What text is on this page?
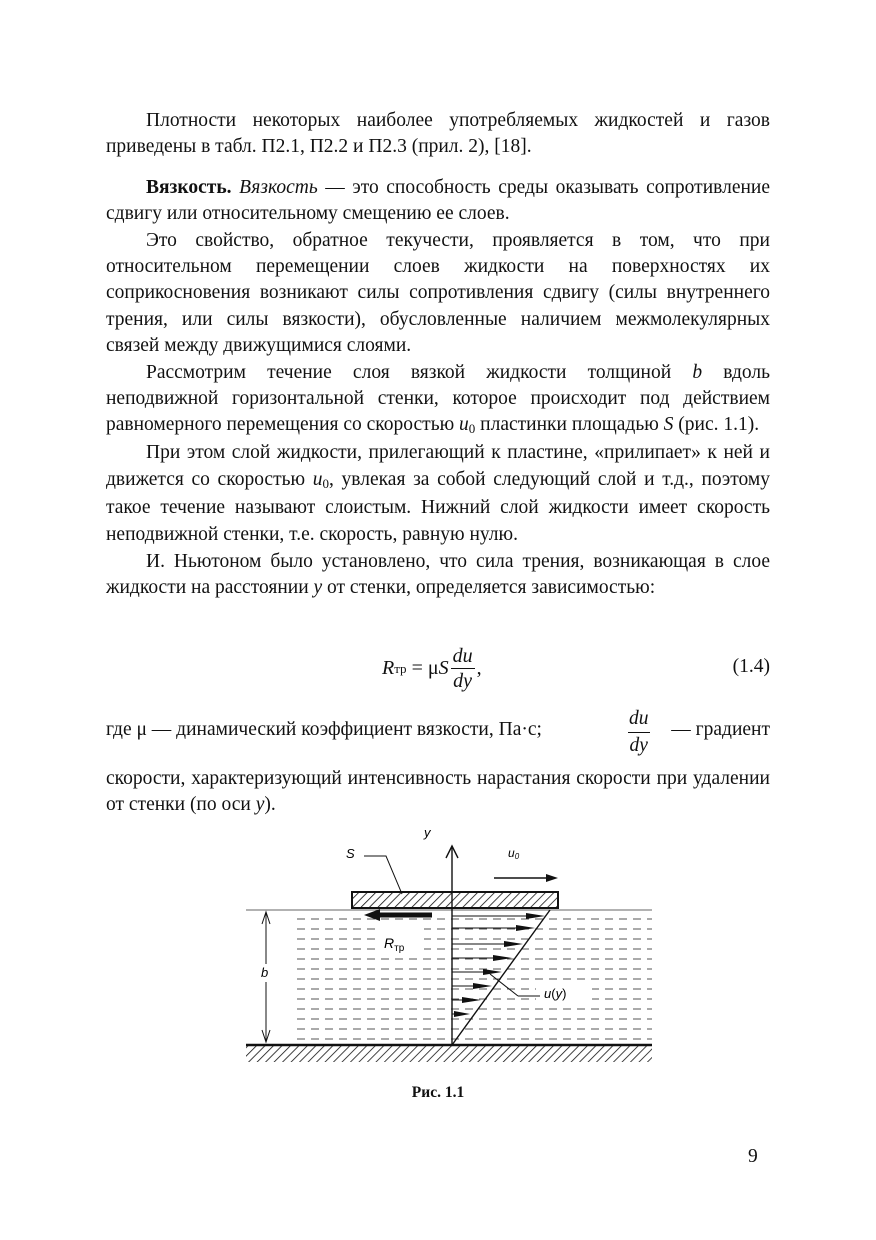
Плотности некоторых наиболее употребляемых жидкостей и газов приведены в табл. П2.1, П2.2 и П2.3 (прил. 2), [18].

Вязкость. Вязкость — это способность среды оказывать сопротивление сдвигу или относительному смещению ее слоев.

Это свойство, обратное текучести, проявляется в том, что при относительном перемещении слоев жидкости на поверхностях их соприкосновения возникают силы сопротивления сдвигу (силы внутреннего трения, или силы вязкости), обусловленные наличием межмолекулярных связей между движущимися слоями.

Рассмотрим течение слоя вязкой жидкости толщиной b вдоль неподвижной горизонтальной стенки, которое происходит под действием равномерного перемещения со скоростью $u_0$ пластинки площадью S (рис. 1.1).

При этом слой жидкости, прилегающий к пластине, «прилипает» к ней и движется со скоростью $u_0$, увлекая за собой следующий слой и т.д., поэтому такое течение называют слоистым. Нижний слой жидкости имеет скорость неподвижной стенки, т.е. скорость, равную нулю.

И. Ньютоном было установлено, что сила трения, возникающая в слое жидкости на расстоянии y от стенки, определяется зависимостью:

R тр = μ S $\frac{du}{dy}$ ,	(1.4)
где μ — динамический коэффициент вязкости, Па·с;	$\frac{du}{dy}$ — градиент

скорости, характеризующий интенсивность нарастания скорости при удалении от стенки (по оси y).

y
S	u0
u(y)
$R_{тр}$
b
Рис. 1.1
9
